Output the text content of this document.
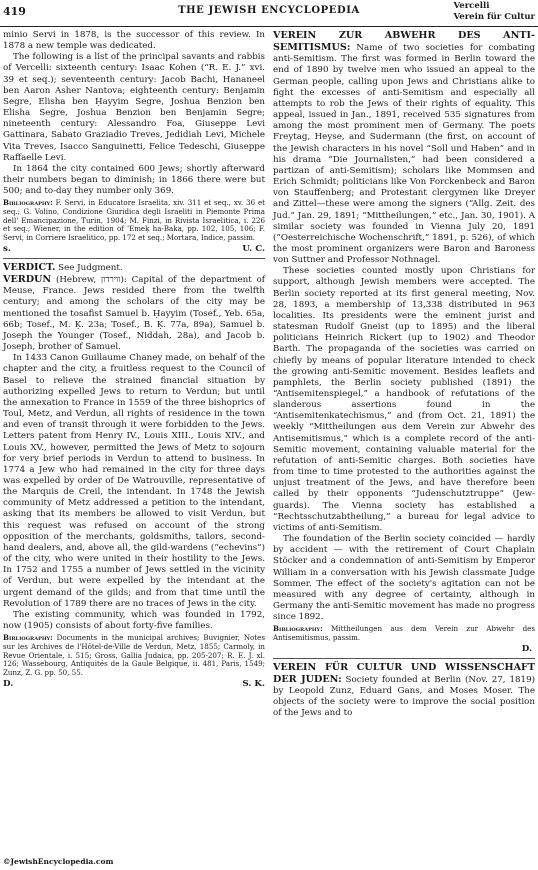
419	THE JEWISH ENCYCLOPEDIA	Vercelli
Verein für Cultur

minio Servi in 1878, is the successor of this review. In 1878 a new temple was dedicated.

The following is a list of the principal savants and rabbis of Vercelli: sixteenth century: Isaac Kohen (“R. E. J.” xvi. 39 et seq.); seventeenth century: Jacob Bachi, Hananeel ben Aaron Asher Nantova; eighteenth century: Benjamin Segre, Elisha ben Ḥayyim Segre, Joshua Benzion ben Elisha Segre, Joshua Benzion ben Benjamin Segre; nineteenth century: Alessandro Foa, Giuseppe Levi Gattinara, Sabato Graziadio Treves, Jedidiah Levi, Michele Vita Treves, Isacco Sanguinetti, Felice Tedeschi, Giuseppe Raffaelle Levi.

In 1864 the city contained 600 Jews; shortly afterward their numbers began to diminish; in 1866 there were but 500; and to-day they number only 369.

Bibliography: F. Servi, in Educatore Israelita, xiv. 311 et seq., xv. 36 et seq.; G. Volino, Condizione Giuridica degli Israeliti in Piemonte Prima dell' Emancipazione, Turin, 1904; M. Finzi, in Rivista Israelitica, i. 226 et seq.; Wiener, in the edition of 'Emeḳ ha-Baka, pp. 102, 105, 106; F. Servi, in Corriere Israelitico, pp. 172 et seq.; Mortara, Indice, passim.

s.	U. C.

VERDICT. See Judgment.

VERDUN (Hebrew, ווירדון): Capital of the department of Meuse, France. Jews resided there from the twelfth century; and among the scholars of the city may be mentioned the tosafist Samuel b. Ḥayyim (Tosef., Yeb. 65a, 66b; Tosef., M. Ḳ. 23a; Tosef., B. Ḳ. 77a, 89a), Samuel b. Joseph the Younger (Tosef., Niddah, 28a), and Jacob b. Joseph, brother of Samuel.

In 1433 Canon Guillaume Chaney made, on behalf of the chapter and the city, a fruitless request to the Council of Basel to relieve the strained financial situation by authorizing expelled Jews to return to Verdun; but until the annexation to France in 1559 of the three bishoprics of Toul, Metz, and Verdun, all rights of residence in the town and even of transit through it were forbidden to the Jews. Letters patent from Henry IV., Louis XIII., Louis XIV., and Louis XV., however, permitted the Jews of Metz to sojourn for very brief periods in Verdun to attend to business. In 1774 a Jew who had remained in the city for three days was expelled by order of De Watrouville, representative of the Marquis de Creil, the intendant. In 1748 the Jewish community of Metz addressed a petition to the intendant, asking that its members be allowed to visit Verdun, but this request was refused on account of the strong opposition of the merchants, goldsmiths, tailors, second-hand dealers, and, above all, the gild-wardens (“echevins”) of the city, who were united in their hostility to the Jews. In 1752 and 1755 a number of Jews settled in the vicinity of Verdun, but were expelled by the intendant at the urgent demand of the gilds; and from that time until the Revolution of 1789 there are no traces of Jews in the city.

The existing community, which was founded in 1792, now (1905) consists of about forty-five families.

Bibliography: Documents in the municipal archives; Buvignier, Notes sur les Archives de l'Hôtel-de-Ville de Verdun, Metz, 1855; Carmoly, in Revue Orientale, i. 515; Gross, Gallia Judaica, pp. 205-207; R. E. J. xl. 126; Wassebourg, Antiquités de la Gaule Belgique, ii. 481, Paris, 1549; Zunz, Z. G. pp. 50, 55.

D.	S. K.

VEREIN ZUR ABWEHR DES ANTI-SEMITISMUS: Name of two societies for combating anti-Semitism. The first was formed in Berlin toward the end of 1890 by twelve men who issued an appeal to the German people, calling upon Jews and Christians alike to fight the excesses of anti-Semitism and especially all attempts to rob the Jews of their rights of equality. This appeal, issued in Jan., 1891, received 535 signatures from among the most prominent men of Germany. The poets Freytag, Heyse, and Sudermann (the first, on account of the Jewish characters in his novel “Soll und Haben” and in his drama “Die Journalisten,” had been considered a partizan of anti-Semitism); scholars like Mommsen and Erich Schmidt; politicians like Von Forckenbeck and Baron von Stauffenberg; and Protestant clergymen like Dreyer and Zittel—these were among the signers (“Allg. Zeit. des Jud.” Jan. 29, 1891; “Mittheilungen,” etc., Jan. 30, 1901). A similar society was founded in Vienna July 20, 1891 (“Oesterreichische Wochenschrift,” 1891, p. 526), of which the most prominent organizers were Baron and Baroness von Suttner and Professor Nothnagel.

These societies counted mostly upon Christians for support, although Jewish members were accepted. The Berlin society reported at its first general meeting, Nov. 28, 1893, a membership of 13,338 distributed in 963 localities. Its presidents were the eminent jurist and statesman Rudolf Gneist (up to 1895) and the liberal politicians Heinrich Rickert (up to 1902) and Theodor Barth. The propaganda of the societies was carried on chiefly by means of popular literature intended to check the growing anti-Semitic movement. Besides leaflets and pamphlets, the Berlin society published (1891) the “Antisemitenspiegel,” a handbook of refutations of the slanderous assertions found in the “Antisemitenkatechismus,” and (from Oct. 21, 1891) the weekly “Mittheilungen aus dem Verein zur Abwehr des Antisemitismus,” which is a complete record of the anti-Semitic movement, containing valuable material for the refutation of anti-Semitic charges. Both societies have from time to time protested to the authorities against the unjust treatment of the Jews, and have therefore been called by their opponents “Judenschutztruppe” (Jew-guards). The Vienna society has established a “Rechtsschutzabtheilung,” a bureau for legal advice to victims of anti-Semitism.

The foundation of the Berlin society coincided — hardly by accident — with the retirement of Court Chaplain Stöcker and a condemnation of anti-Semitism by Emperor William in a conversation with his Jewish classmate Judge Sommer. The effect of the society's agitation can not be measured with any degree of certainty, although in Germany the anti-Semitic movement has made no progress since 1892.

Bibliography: Mittheilungen aus dem Verein zur Abwehr des Antisemitismus, passim.

D.

VEREIN FÜR CULTUR UND WISSENSCHAFT DER JUDEN: Society founded at Berlin (Nov. 27, 1819) by Leopold Zunz, Eduard Gans, and Moses Moser. The objects of the society were to improve the social position of the Jews and to

©JewishEncyclopedia.com
